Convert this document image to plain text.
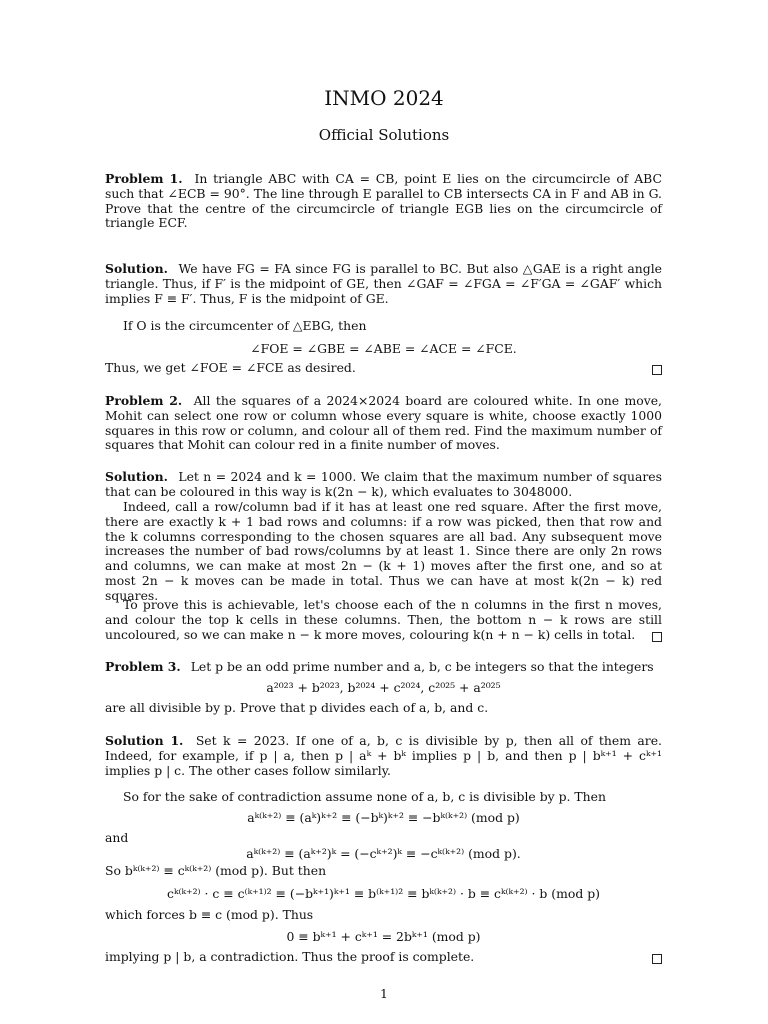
INMO 2024
Official Solutions
Problem 1. In triangle ABC with CA = CB, point E lies on the circumcircle of ABC such that ∠ECB = 90°. The line through E parallel to CB intersects CA in F and AB in G. Prove that the centre of the circumcircle of triangle EGB lies on the circumcircle of triangle ECF.
Solution. We have FG = FA since FG is parallel to BC. But also △GAE is a right angle triangle. Thus, if F′ is the midpoint of GE, then ∠GAF = ∠FGA = ∠F′GA = ∠GAF′ which implies F ≡ F′. Thus, F is the midpoint of GE.
If O is the circumcenter of △EBG, then
∠FOE = ∠GBE = ∠ABE = ∠ACE = ∠FCE.
Thus, we get ∠FOE = ∠FCE as desired.
Problem 2. All the squares of a 2024×2024 board are coloured white. In one move, Mohit can select one row or column whose every square is white, choose exactly 1000 squares in this row or column, and colour all of them red. Find the maximum number of squares that Mohit can colour red in a finite number of moves.
Solution. Let n = 2024 and k = 1000. We claim that the maximum number of squares that can be coloured in this way is k(2n − k), which evaluates to 3048000.
Indeed, call a row/column bad if it has at least one red square. After the first move, there are exactly k + 1 bad rows and columns: if a row was picked, then that row and the k columns corresponding to the chosen squares are all bad. Any subsequent move increases the number of bad rows/columns by at least 1. Since there are only 2n rows and columns, we can make at most 2n − (k + 1) moves after the first one, and so at most 2n − k moves can be made in total. Thus we can have at most k(2n − k) red squares.
To prove this is achievable, let's choose each of the n columns in the first n moves, and colour the top k cells in these columns. Then, the bottom n − k rows are still uncoloured, so we can make n − k more moves, colouring k(n + n − k) cells in total.
Problem 3. Let p be an odd prime number and a, b, c be integers so that the integers
a²⁰²³ + b²⁰²³, b²⁰²⁴ + c²⁰²⁴, c²⁰²⁵ + a²⁰²⁵
are all divisible by p. Prove that p divides each of a, b, and c.
Solution 1. Set k = 2023. If one of a, b, c is divisible by p, then all of them are. Indeed, for example, if p | a, then p | aᵏ + bᵏ implies p | b, and then p | bᵏ⁺¹ + cᵏ⁺¹ implies p | c. The other cases follow similarly.
So for the sake of contradiction assume none of a, b, c is divisible by p. Then
aᵏ⁽ᵏ⁺²⁾ ≡ (aᵏ)ᵏ⁺² ≡ (−bᵏ)ᵏ⁺² ≡ −bᵏ⁽ᵏ⁺²⁾ (mod p)
and
aᵏ⁽ᵏ⁺²⁾ ≡ (aᵏ⁺²)ᵏ = (−cᵏ⁺²)ᵏ ≡ −cᵏ⁽ᵏ⁺²⁾ (mod p).
So bᵏ⁽ᵏ⁺²⁾ ≡ cᵏ⁽ᵏ⁺²⁾ (mod p). But then
cᵏ⁽ᵏ⁺²⁾ · c ≡ c⁽ᵏ⁺¹⁾² ≡ (−bᵏ⁺¹)ᵏ⁺¹ ≡ b⁽ᵏ⁺¹⁾² ≡ bᵏ⁽ᵏ⁺²⁾ · b ≡ cᵏ⁽ᵏ⁺²⁾ · b (mod p)
which forces b ≡ c (mod p). Thus
0 ≡ bᵏ⁺¹ + cᵏ⁺¹ = 2bᵏ⁺¹ (mod p)
implying p | b, a contradiction. Thus the proof is complete.
1
